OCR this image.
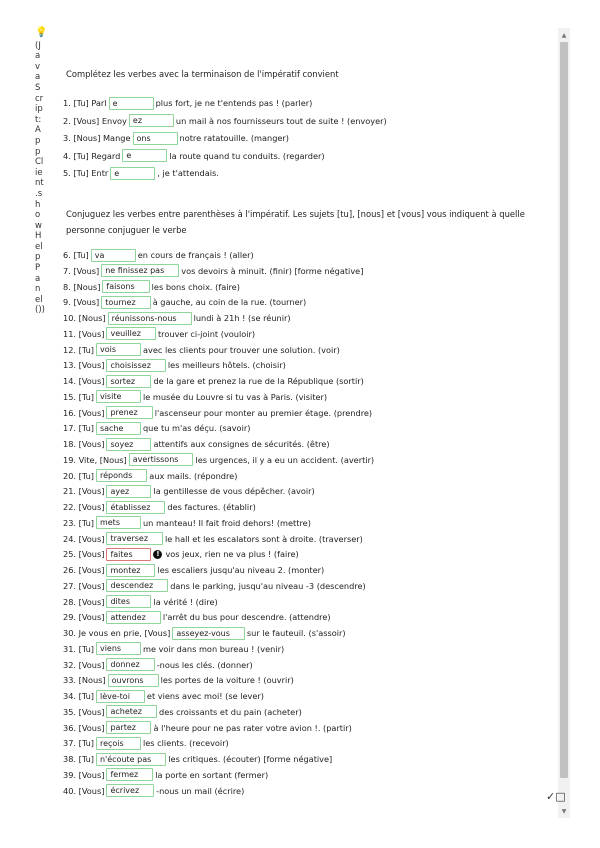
💡
(J
a
v
a
S
cr
ip
t:
A
p
p
Cl
ie
nt
.s
h
o
w
H
el
p
P
a
n
el
())
Complétez les verbes avec la terminaison de l'impératif convient
1. [Tu] Parl e	plus fort, je ne t'entends pas ! (parler)
2. [Vous] Envoy ez	un mail à nos fournisseurs tout de suite ! (envoyer)
3. [Nous] Mange ons	notre ratatouille. (manger)
4. [Tu] Regard e	la route quand tu conduits. (regarder)
5. [Tu] Entr e	, je t'attendais.
Conjuguez les verbes entre parenthèses à l'impératif. Les sujets [tu], [nous] et [vous] vous indiquent à quelle personne conjuguer le verbe
6. [Tu] va	en cours de français ! (aller)
7. [Vous] ne finissez pas	vos devoirs à minuit. (finir) [forme négative]
8. [Nous] faisons	les bons choix. (faire)
9. [Vous] tournez	à gauche, au coin de la rue. (tourner)
10. [Nous] réunissons-nous	lundi à 21h ! (se réunir)
11. [Vous] veuillez	trouver ci-joint (vouloir)
12. [Tu] vois	avec les clients pour trouver une solution. (voir)
13. [Vous] choisissez	les meilleurs hôtels. (choisir)
14. [Vous] sortez	de la gare et prenez la rue de la République (sortir)
15. [Tu] visite	le musée du Louvre si tu vas à Paris. (visiter)
16. [Vous] prenez	l'ascenseur pour monter au premier étage. (prendre)
17. [Tu] sache	que tu m'as déçu. (savoir)
18. [Vous] soyez	attentifs aux consignes de sécurités. (être)
19. Vite, [Nous] avertissons	les urgences, il y a eu un accident. (avertir)
20. [Tu] réponds	aux mails. (répondre)
21. [Vous] ayez	la gentillesse de vous dépêcher. (avoir)
22. [Vous] établissez	des factures. (établir)
23. [Tu] mets	un manteau! Il fait froid dehors! (mettre)
24. [Vous] traversez	le hall et les escalators sont à droite. (traverser)
25. [Vous] faites	! vos jeux, rien ne va plus ! (faire)
26. [Vous] montez	les escaliers jusqu'au niveau 2. (monter)
27. [Vous] descendez	dans le parking, jusqu'au niveau -3 (descendre)
28. [Vous] dites	la vérité ! (dire)
29. [Vous] attendez	l'arrêt du bus pour descendre. (attendre)
30. Je vous en prie, [Vous] asseyez-vous	sur le fauteuil. (s'assoir)
31. [Tu] viens	me voir dans mon bureau ! (venir)
32. [Vous] donnez	-nous les clés. (donner)
33. [Nous] ouvrons	les portes de la voiture ! (ouvrir)
34. [Tu] lève-toi	et viens avec moi! (se lever)
35. [Vous] achetez	des croissants et du pain (acheter)
36. [Vous] partez	à l'heure pour ne pas rater votre avion !. (partir)
37. [Tu] reçois	les clients. (recevoir)
38. [Tu] n'écoute pas	les critiques. (écouter) [forme négative]
39. [Vous] fermez	la porte en sortant (fermer)
40. [Vous] écrivez	-nous un mail (écrire)
▲
▼
✓□
